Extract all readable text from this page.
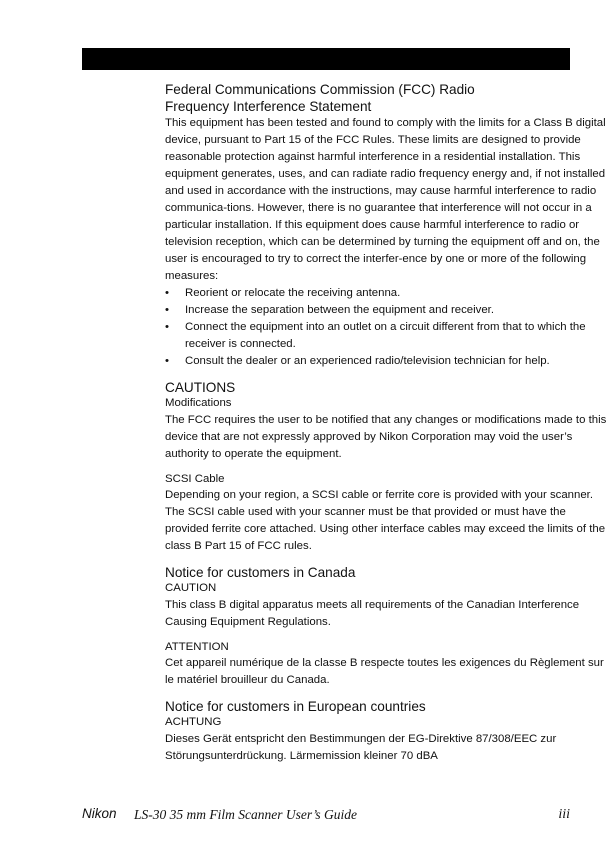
Federal Communications Commission (FCC) Radio

Frequency Interference Statement

This equipment has been tested and found to comply with the limits for a Class B digital device, pursuant to Part 15 of the FCC Rules. These limits are designed to provide reasonable protection against harmful interference in a residential installation. This equipment generates, uses, and can radiate radio frequency energy and, if not installed and used in accordance with the instructions, may cause harmful interference to radio communica-tions. However, there is no guarantee that interference will not occur in a particular installation. If this equipment does cause harmful interference to radio or television reception, which can be determined by turning the equipment off and on, the user is encouraged to try to correct the interfer-ence by one or more of the following measures:

• Reorient or relocate the receiving antenna.
• Increase the separation between the equipment and receiver.
• Connect the equipment into an outlet on a circuit different from that to which the receiver is connected.
• Consult the dealer or an experienced radio/television technician for help.

CAUTIONS

Modifications

The FCC requires the user to be notified that any changes or modifications made to this device that are not expressly approved by Nikon Corporation may void the user’s authority to operate the equipment.

SCSI Cable

Depending on your region, a SCSI cable or ferrite core is provided with your scanner. The SCSI cable used with your scanner must be that provided or must have the provided ferrite core attached. Using other interface cables may exceed the limits of the class B Part 15 of FCC rules.

Notice for customers in Canada

CAUTION

This class B digital apparatus meets all requirements of the Canadian Interference Causing Equipment Regulations.

ATTENTION

Cet appareil numérique de la classe B respecte toutes les exigences du Règlement sur le matériel brouilleur du Canada.

Notice for customers in European countries

ACHTUNG

Dieses Gerät entspricht den Bestimmungen der EG-Direktive 87/308/EEC zur Störungsunterdrückung. Lärmemission kleiner 70 dBA

Nikon LS-30 35 mm Film Scanner User’s Guide	iii
